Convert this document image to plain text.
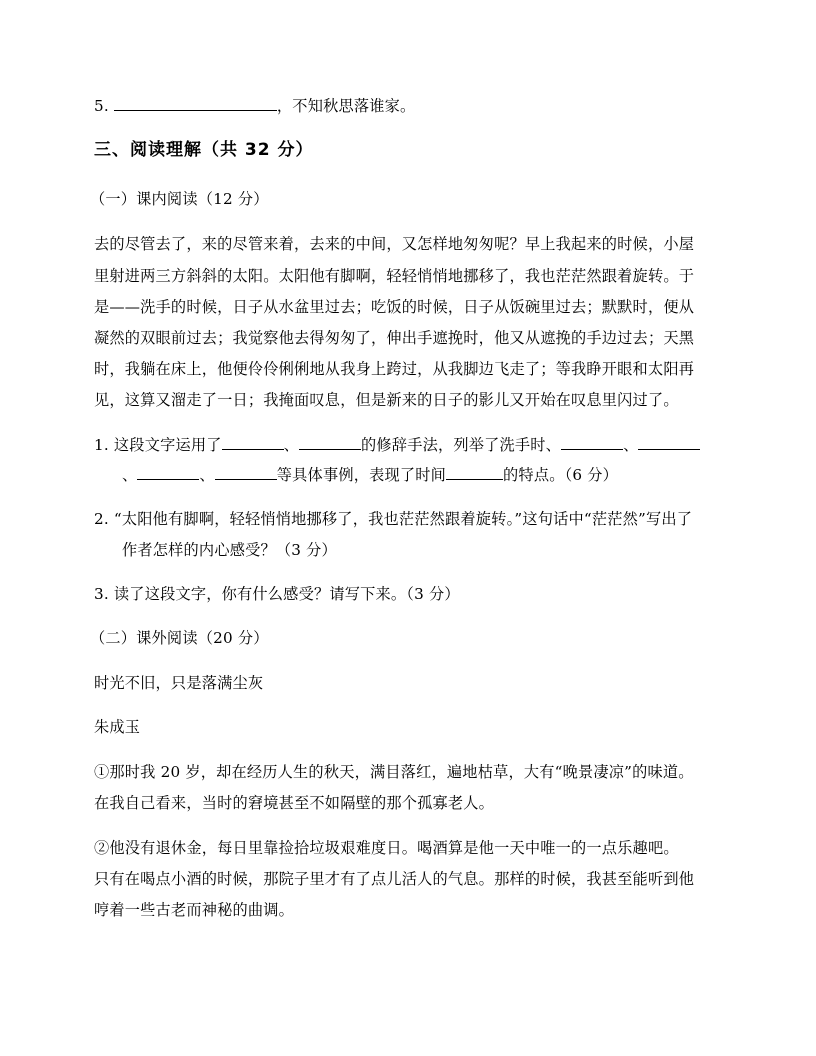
5.	，不知秋思落谁家。
三、阅读理解（共 32 分）
（一）课内阅读（12 分）
去的尽管去了，来的尽管来着，去来的中间，又怎样地匆匆呢？早上我起来的时候，小屋
里射进两三方斜斜的太阳。太阳他有脚啊，轻轻悄悄地挪移了，我也茫茫然跟着旋转。于
是——洗手的时候，日子从水盆里过去；吃饭的时候，日子从饭碗里过去；默默时，便从
凝然的双眼前过去；我觉察他去得匆匆了，伸出手遮挽时，他又从遮挽的手边过去；天黑
时，我躺在床上，他便伶伶俐俐地从我身上跨过，从我脚边飞走了；等我睁开眼和太阳再
见，这算又溜走了一日；我掩面叹息，但是新来的日子的影儿又开始在叹息里闪过了。
1. 这段文字运用了	、	的修辞手法，列举了洗手时、	、
、	、	等具体事例，表现了时间	的特点。（6 分）
2. “太阳他有脚啊，轻轻悄悄地挪移了，我也茫茫然跟着旋转。”这句话中“茫茫然”写出了
作者怎样的内心感受？（3 分）
3. 读了这段文字，你有什么感受？请写下来。（3 分）
（二）课外阅读（20 分）
时光不旧，只是落满尘灰
朱成玉
①那时我 20 岁，却在经历人生的秋天，满目落红，遍地枯草，大有“晚景凄凉”的味道。
在我自己看来，当时的窘境甚至不如隔壁的那个孤寡老人。
②他没有退休金，每日里靠捡拾垃圾艰难度日。喝酒算是他一天中唯一的一点乐趣吧。
只有在喝点小酒的时候，那院子里才有了点儿活人的气息。那样的时候，我甚至能听到他
哼着一些古老而神秘的曲调。
